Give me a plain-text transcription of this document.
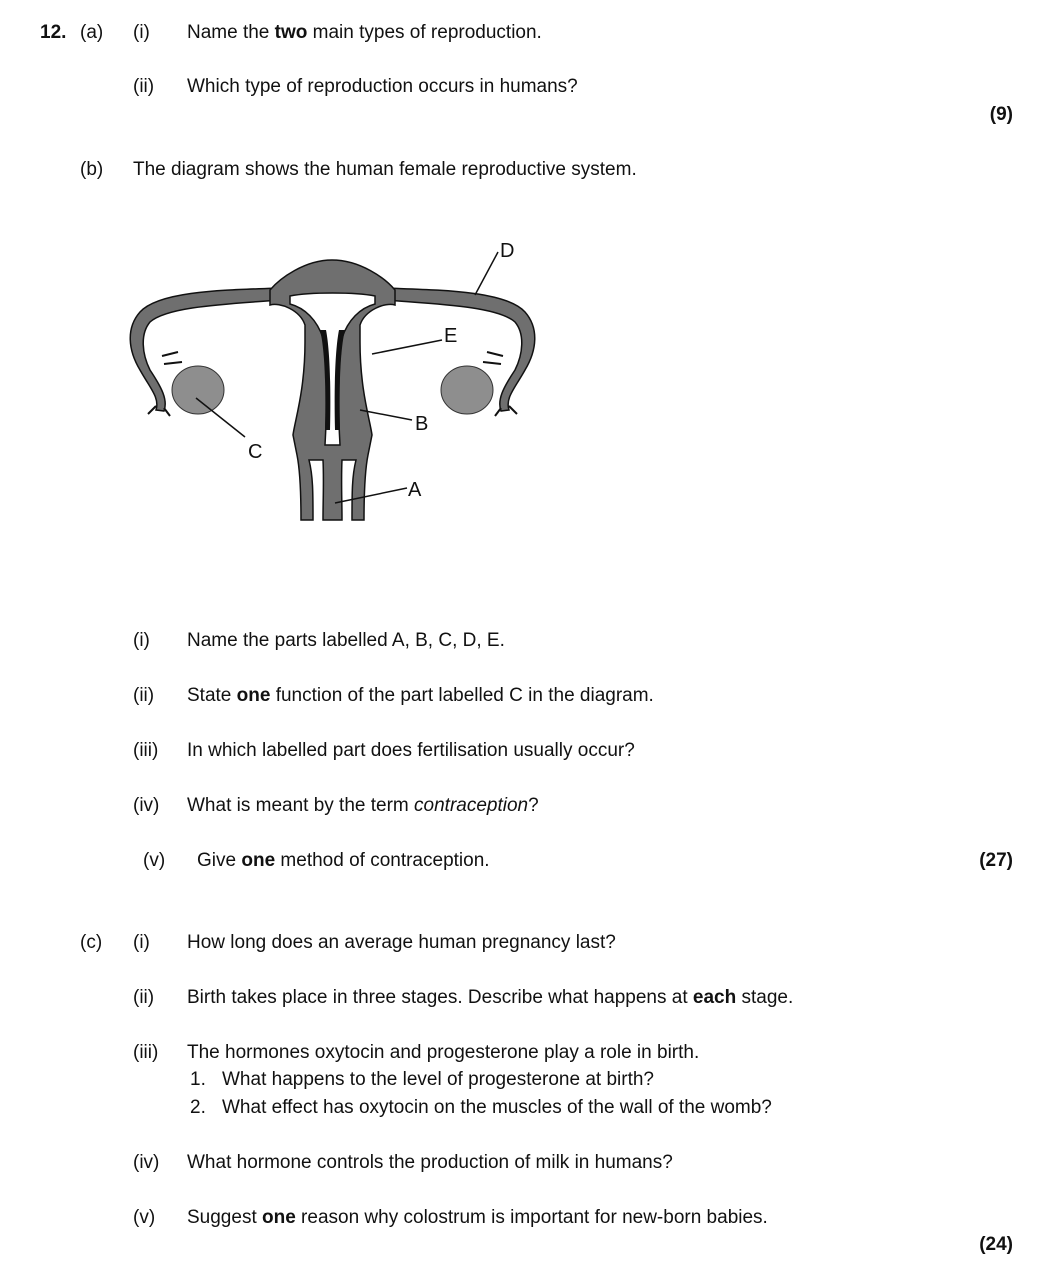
12. (a) (i) Name the two main types of reproduction.
(ii) Which type of reproduction occurs in humans?
(9)
(b) The diagram shows the human female reproductive system.
D
E
B
A
C
(i) Name the parts labelled A, B, C, D, E.
(ii) State one function of the part labelled C in the diagram.
(iii) In which labelled part does fertilisation usually occur?
(iv) What is meant by the term contraception?
(v) Give one method of contraception.	(27)
(c) (i) How long does an average human pregnancy last?
(ii) Birth takes place in three stages. Describe what happens at each stage.
(iii) The hormones oxytocin and progesterone play a role in birth.
1. What happens to the level of progesterone at birth?
2. What effect has oxytocin on the muscles of the wall of the womb?
(iv) What hormone controls the production of milk in humans?
(v) Suggest one reason why colostrum is important for new-born babies.
(24)
